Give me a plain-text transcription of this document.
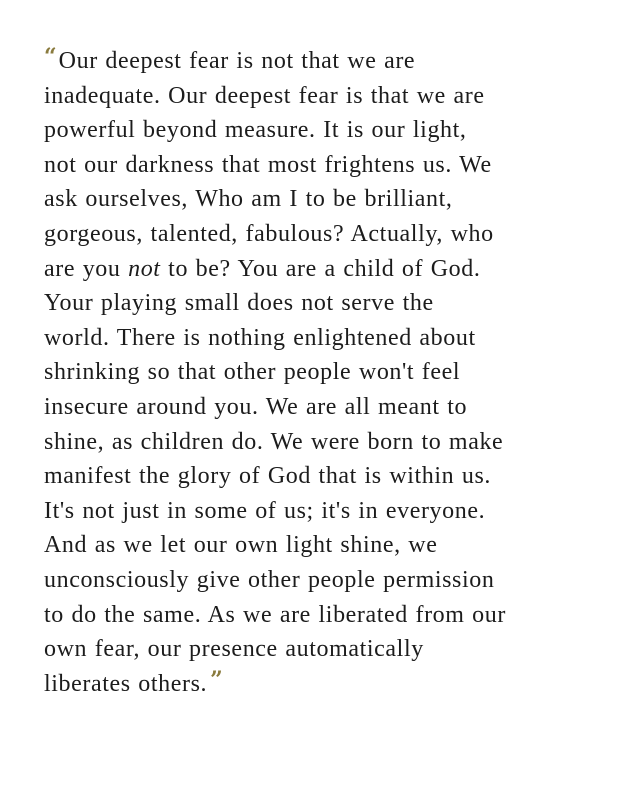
“ Our deepest fear is not that we are
inadequate. Our deepest fear is that we are
powerful beyond measure. It is our light,
not our darkness that most frightens us. We
ask ourselves, Who am I to be brilliant,
gorgeous, talented, fabulous? Actually, who
are you not to be? You are a child of God.
Your playing small does not serve the
world. There is nothing enlightened about
shrinking so that other people won't feel
insecure around you. We are all meant to
shine, as children do. We were born to make
manifest the glory of God that is within us.
It's not just in some of us; it's in everyone.
And as we let our own light shine, we
unconsciously give other people permission
to do the same. As we are liberated from our
own fear, our presence automatically
liberates others. ”
